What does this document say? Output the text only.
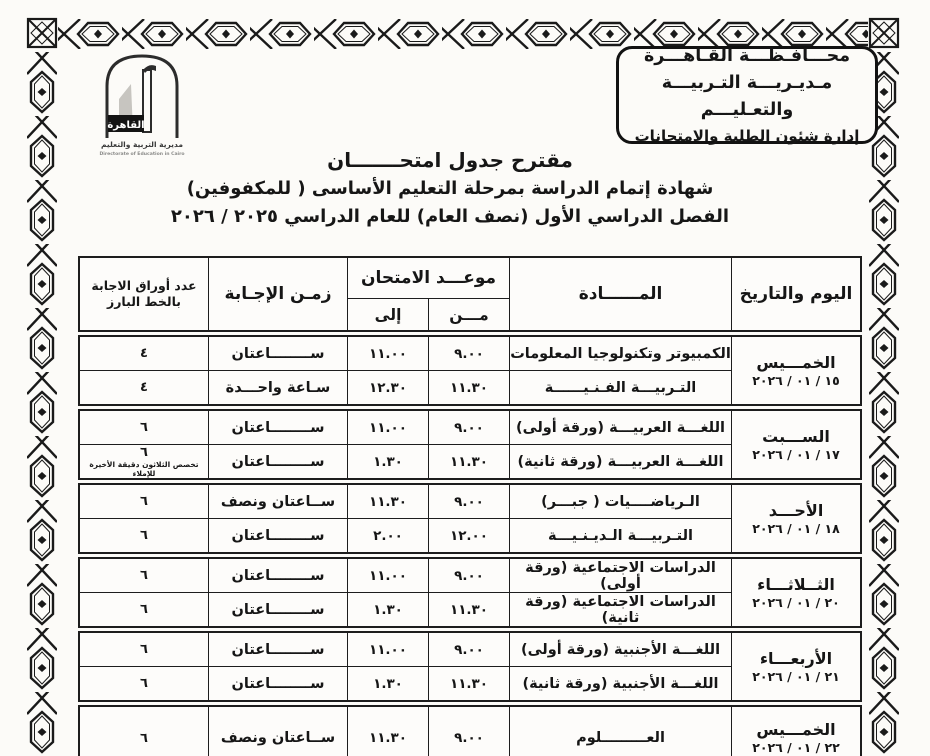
القاهرة
مديرية التربية والتعليم
Directorate of Education in Cairo
محـــافـظـــة القـاهـــرة
مـديـريـــة التـربيـــة والتعـليـــم
إدارة شئون الطلبة والامتحانات
مقترح جدول امتحـــــــان
شهادة إتمام الدراسة بمرحلة التعليم الأساسى ( للمكفوفين)
الفصل الدراسي الأول (نصف العام) للعام الدراسي ٢٠٢٥ / ٢٠٢٦
اليوم والتاريخ
المــــــادة
موعـــد الامتحان
مـــن
إلى
زمـن الإجـابة
عدد أوراق الاجابة
بالخط البارز
الخمـــيس
١٥ / ٠١ / ٢٠٢٦
الكمبيوتر وتكنولوجيا المعلومات
٩.٠٠
١١.٠٠
ســــــــاعتان
٤
التـربيـــة الفـنـيــــــة
١١.٣٠
١٢.٣٠
سـاعة واحـــدة
٤
الســـبت
١٧ / ٠١ / ٢٠٢٦
اللغـــة العربيـــة (ورقة أولى)
٩.٠٠
١١.٠٠
ســــــــاعتان
٦
اللغـــة العربيـــة (ورقة ثانية)
١١.٣٠
١.٣٠
ســــــــاعتان
٦
تخصص الثلاثون دقيقة الأخيرة للإملاء
الأحـــد
١٨ / ٠١ / ٢٠٢٦
الـرياضــــيات ( جبـــر)
٩.٠٠
١١.٣٠
ســاعتان ونصف
٦
التـربيـــة الـديـنـيـــة
١٢.٠٠
٢.٠٠
ســــــــاعتان
٦
الثــلاثـــاء
٢٠ / ٠١ / ٢٠٢٦
الدراسات الاجتماعية (ورقة أولى)
٩.٠٠
١١.٠٠
ســــــــاعتان
٦
الدراسات الاجتماعية (ورقة ثانية)
١١.٣٠
١.٣٠
ســــــــاعتان
٦
الأربعـــاء
٢١ / ٠١ / ٢٠٢٦
اللغـــة الأجنبية (ورقة أولى)
٩.٠٠
١١.٠٠
ســــــــاعتان
٦
اللغـــة الأجنبية (ورقة ثانية)
١١.٣٠
١.٣٠
ســــــــاعتان
٦
الخمـــيس
٢٢ / ٠١ / ٢٠٢٦
العـــــــــلوم
٩.٠٠
١١.٣٠
ســاعتان ونصف
٦
